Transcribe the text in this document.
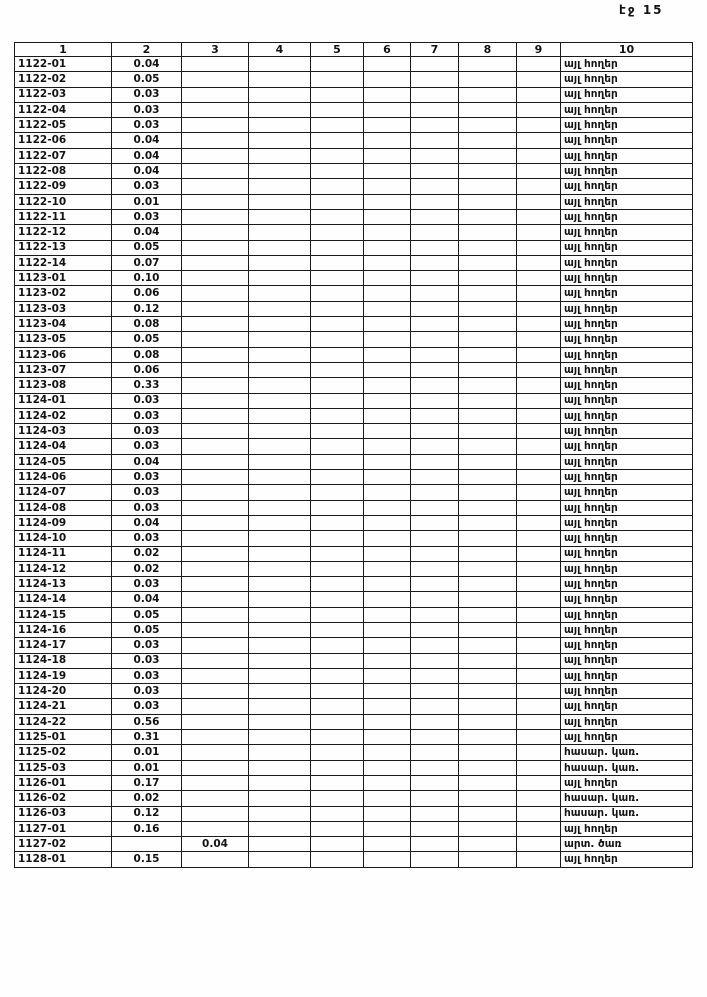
էջ 15
1	2	3	4	5	6	7	8	9	10
1122-01	0.04								այլ հողեր
1122-02	0.05								այլ հողեր
1122-03	0.03								այլ հողեր
1122-04	0.03								այլ հողեր
1122-05	0.03								այլ հողեր
1122-06	0.04								այլ հողեր
1122-07	0.04								այլ հողեր
1122-08	0.04								այլ հողեր
1122-09	0.03								այլ հողեր
1122-10	0.01								այլ հողեր
1122-11	0.03								այլ հողեր
1122-12	0.04								այլ հողեր
1122-13	0.05								այլ հողեր
1122-14	0.07								այլ հողեր
1123-01	0.10								այլ հողեր
1123-02	0.06								այլ հողեր
1123-03	0.12								այլ հողեր
1123-04	0.08								այլ հողեր
1123-05	0.05								այլ հողեր
1123-06	0.08								այլ հողեր
1123-07	0.06								այլ հողեր
1123-08	0.33								այլ հողեր
1124-01	0.03								այլ հողեր
1124-02	0.03								այլ հողեր
1124-03	0.03								այլ հողեր
1124-04	0.03								այլ հողեր
1124-05	0.04								այլ հողեր
1124-06	0.03								այլ հողեր
1124-07	0.03								այլ հողեր
1124-08	0.03								այլ հողեր
1124-09	0.04								այլ հողեր
1124-10	0.03								այլ հողեր
1124-11	0.02								այլ հողեր
1124-12	0.02								այլ հողեր
1124-13	0.03								այլ հողեր
1124-14	0.04								այլ հողեր
1124-15	0.05								այլ հողեր
1124-16	0.05								այլ հողեր
1124-17	0.03								այլ հողեր
1124-18	0.03								այլ հողեր
1124-19	0.03								այլ հողեր
1124-20	0.03								այլ հողեր
1124-21	0.03								այլ հողեր
1124-22	0.56								այլ հողեր
1125-01	0.31								այլ հողեր
1125-02	0.01								հասար. կառ.
1125-03	0.01								հասար. կառ.
1126-01	0.17								այլ հողեր
1126-02	0.02								հասար. կառ.
1126-03	0.12								հասար. կառ.
1127-01	0.16								այլ հողեր
1127-02		0.04							արտ. ծառ
1128-01	0.15								այլ հողեր
